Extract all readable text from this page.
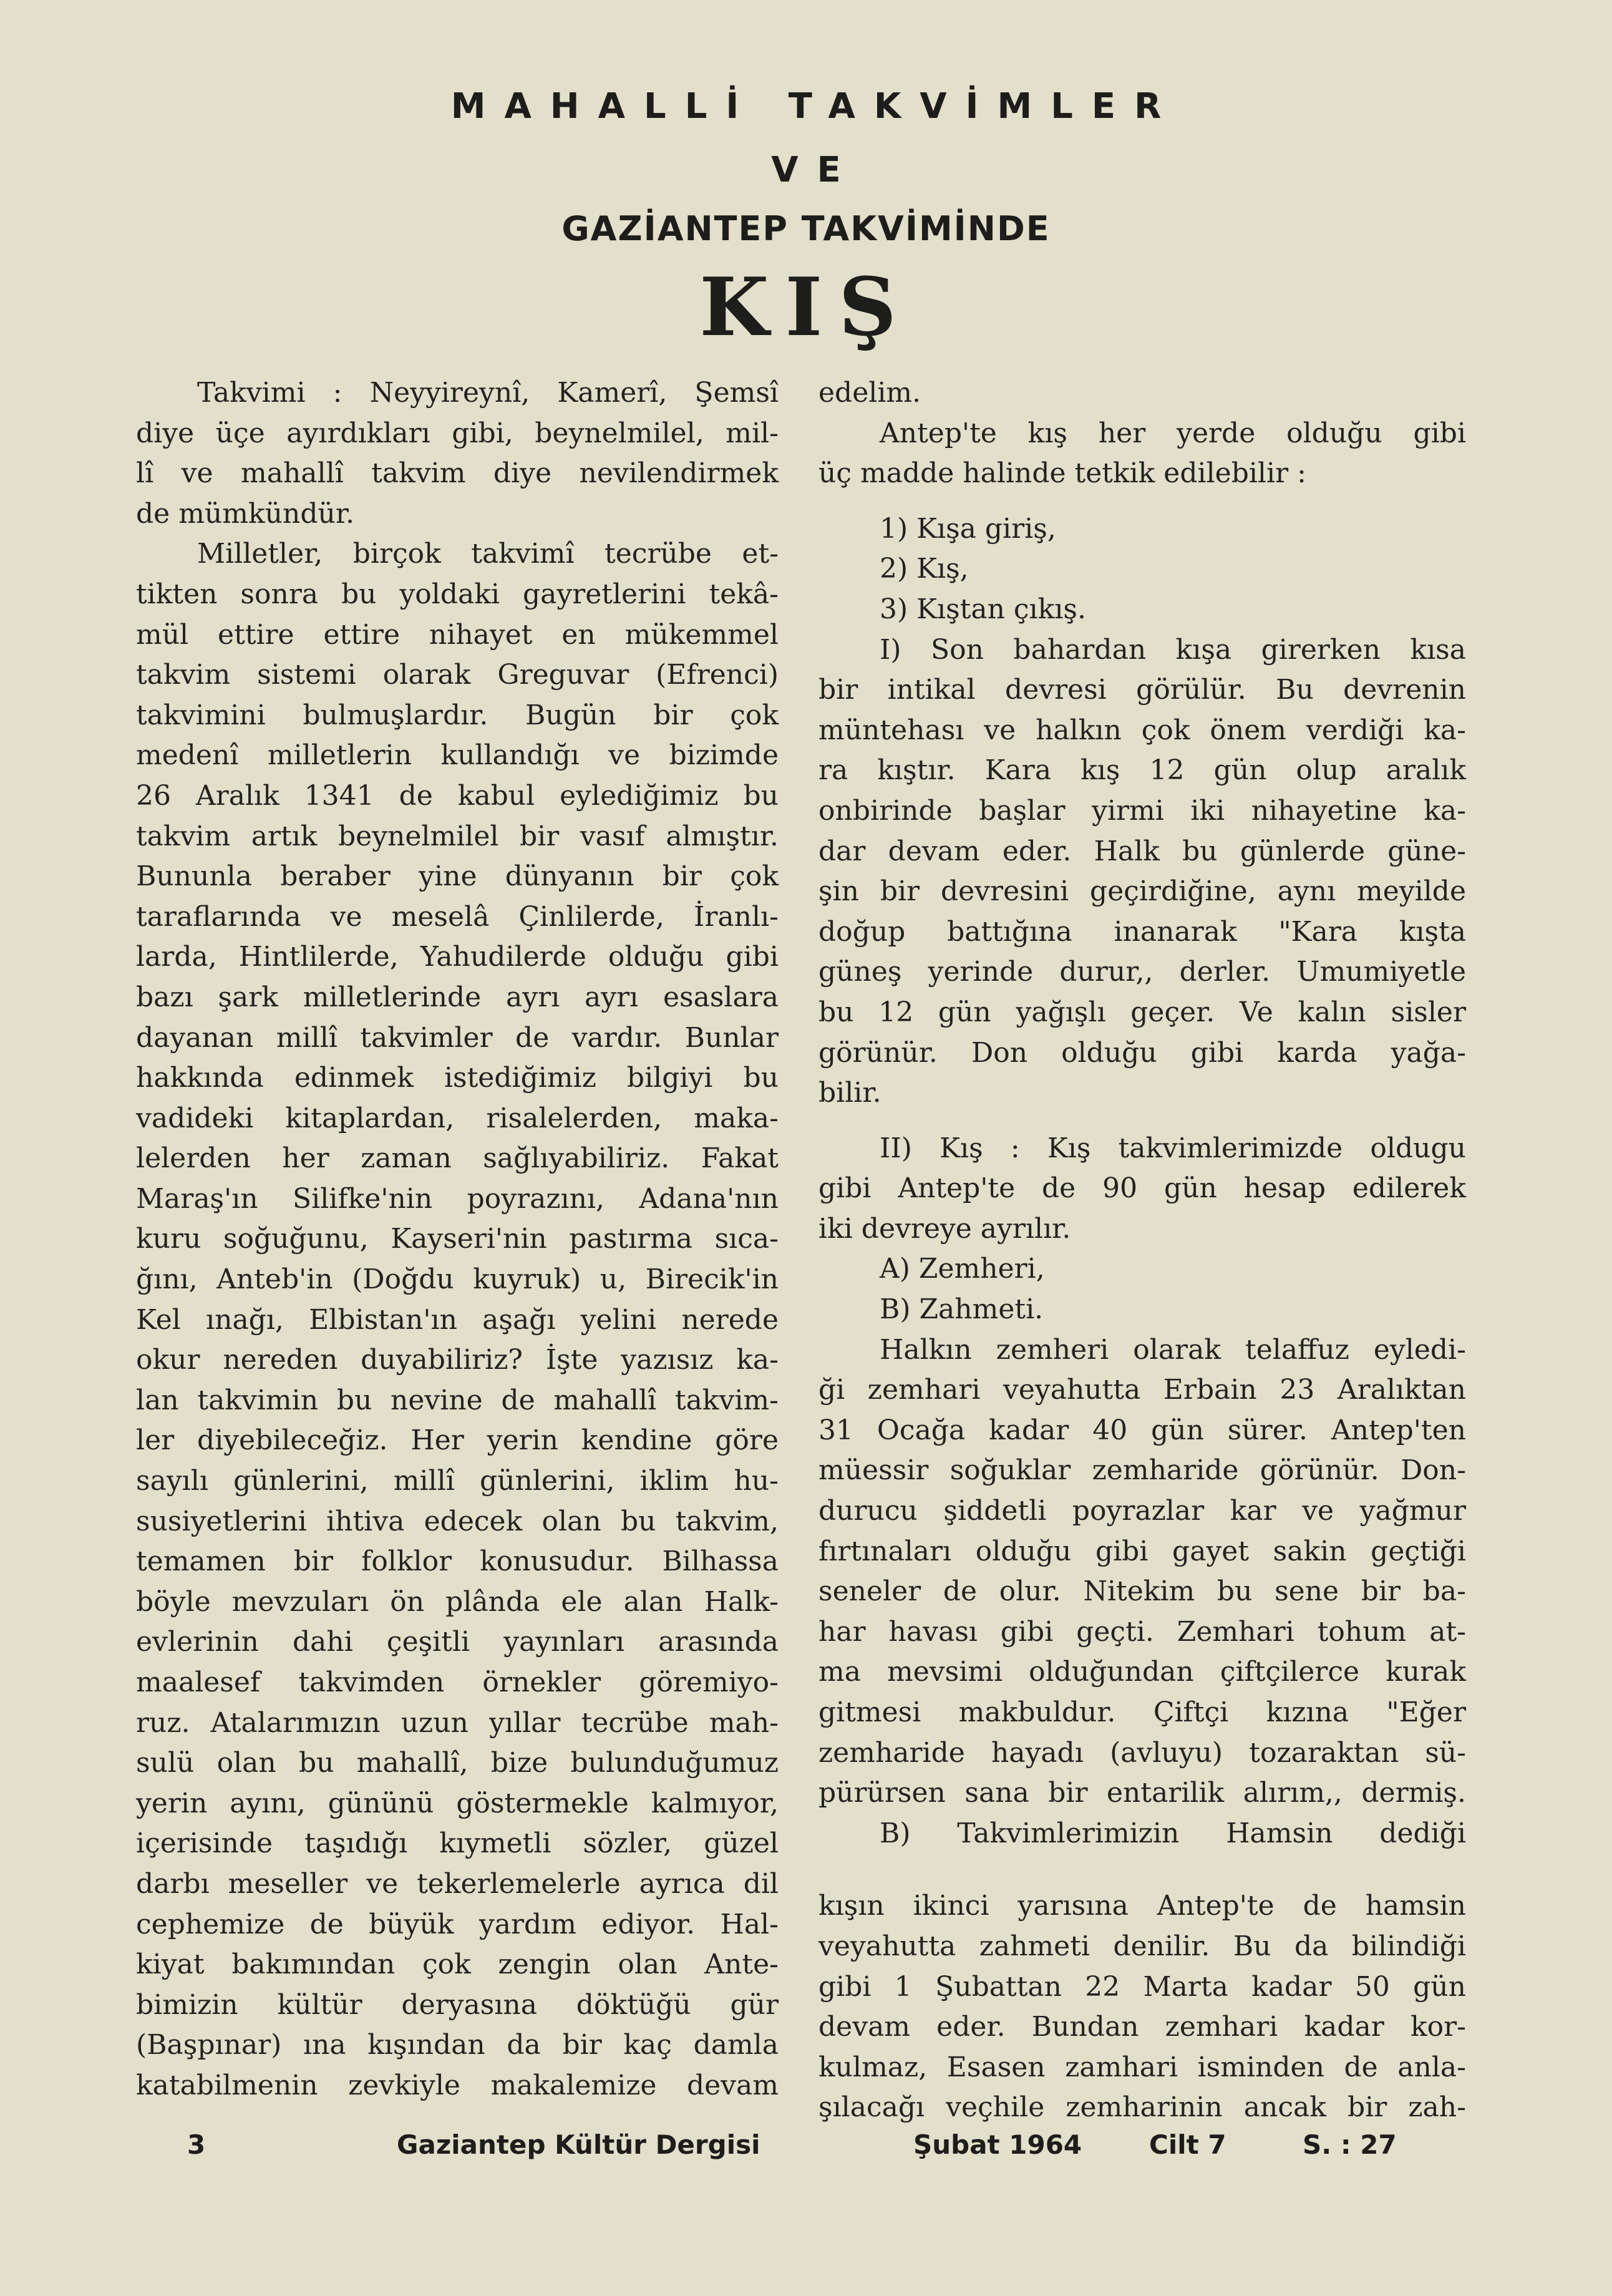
MAHALLİ TAKVİMLER
VE
GAZİANTEP TAKVİMİNDE
KIŞ
Takvimi : Neyyireynî, Kamerî, Şemsî
diye üçe ayırdıkları gibi, beynelmilel, mil-
lî ve mahallî takvim diye nevilendirmek
de mümkündür.
Milletler, birçok takvimî tecrübe et-
tikten sonra bu yoldaki gayretlerini tekâ-
mül ettire ettire nihayet en mükemmel
takvim sistemi olarak Greguvar (Efrenci)
takvimini bulmuşlardır. Bugün bir çok
medenî milletlerin kullandığı ve bizimde
26 Aralık 1341 de kabul eylediğimiz bu
takvim artık beynelmilel bir vasıf almıştır.
Bununla beraber yine dünyanın bir çok
taraflarında ve meselâ Çinlilerde, İranlı-
larda, Hintlilerde, Yahudilerde olduğu gibi
bazı şark milletlerinde ayrı ayrı esaslara
dayanan millî takvimler de vardır. Bunlar
hakkında edinmek istediğimiz bilgiyi bu
vadideki kitaplardan, risalelerden, maka-
lelerden her zaman sağlıyabiliriz. Fakat
Maraş'ın Silifke'nin poyrazını, Adana'nın
kuru soğuğunu, Kayseri'nin pastırma sıca-
ğını, Anteb'in (Doğdu kuyruk) u, Birecik'in
Kel ınağı, Elbistan'ın aşağı yelini nerede
okur nereden duyabiliriz? İşte yazısız ka-
lan takvimin bu nevine de mahallî takvim-
ler diyebileceğiz. Her yerin kendine göre
sayılı günlerini, millî günlerini, iklim hu-
susiyetlerini ihtiva edecek olan bu takvim,
temamen bir folklor konusudur. Bilhassa
böyle mevzuları ön plânda ele alan Halk-
evlerinin dahi çeşitli yayınları arasında
maalesef takvimden örnekler göremiyo-
ruz. Atalarımızın uzun yıllar tecrübe mah-
sulü olan bu mahallî, bize bulunduğumuz
yerin ayını, gününü göstermekle kalmıyor,
içerisinde taşıdığı kıymetli sözler, güzel
darbı meseller ve tekerlemelerle ayrıca dil
cephemize de büyük yardım ediyor. Hal-
kiyat bakımından çok zengin olan Ante-
bimizin kültür deryasına döktüğü gür
(Başpınar) ına kışından da bir kaç damla
katabilmenin zevkiyle makalemize devam
edelim.
Antep'te kış her yerde olduğu gibi
üç madde halinde tetkik edilebilir :
1) Kışa giriş,
2) Kış,
3) Kıştan çıkış.
I) Son bahardan kışa girerken kısa
bir intikal devresi görülür. Bu devrenin
müntehası ve halkın çok önem verdiği ka-
ra kıştır. Kara kış 12 gün olup aralık
onbirinde başlar yirmi iki nihayetine ka-
dar devam eder. Halk bu günlerde güne-
şin bir devresini geçirdiğine, aynı meyilde
doğup battığına inanarak "Kara kışta
güneş yerinde durur,, derler. Umumiyetle
bu 12 gün yağışlı geçer. Ve kalın sisler
görünür. Don olduğu gibi karda yağa-
bilir.
II) Kış : Kış takvimlerimizde oldugu
gibi Antep'te de 90 gün hesap edilerek
iki devreye ayrılır.
A) Zemheri,
B) Zahmeti.
Halkın zemheri olarak telaffuz eyledi-
ği zemhari veyahutta Erbain 23 Aralıktan
31 Ocağa kadar 40 gün sürer. Antep'ten
müessir soğuklar zemharide görünür. Don-
durucu şiddetli poyrazlar kar ve yağmur
fırtınaları olduğu gibi gayet sakin geçtiği
seneler de olur. Nitekim bu sene bir ba-
har havası gibi geçti. Zemhari tohum at-
ma mevsimi olduğundan çiftçilerce kurak
gitmesi makbuldur. Çiftçi kızına "Eğer
zemharide hayadı (avluyu) tozaraktan sü-
pürürsen sana bir entarilik alırım,, dermiş.
B) Takvimlerimizin Hamsin dediği
kışın ikinci yarısına Antep'te de hamsin
veyahutta zahmeti denilir. Bu da bilindiği
gibi 1 Şubattan 22 Marta kadar 50 gün
devam eder. Bundan zemhari kadar kor-
kulmaz, Esasen zamhari isminden de anla-
şılacağı veçhile zemharinin ancak bir zah-
3	Gaziantep Kültür Dergisi	Şubat 1964	Cilt 7	S. : 27
